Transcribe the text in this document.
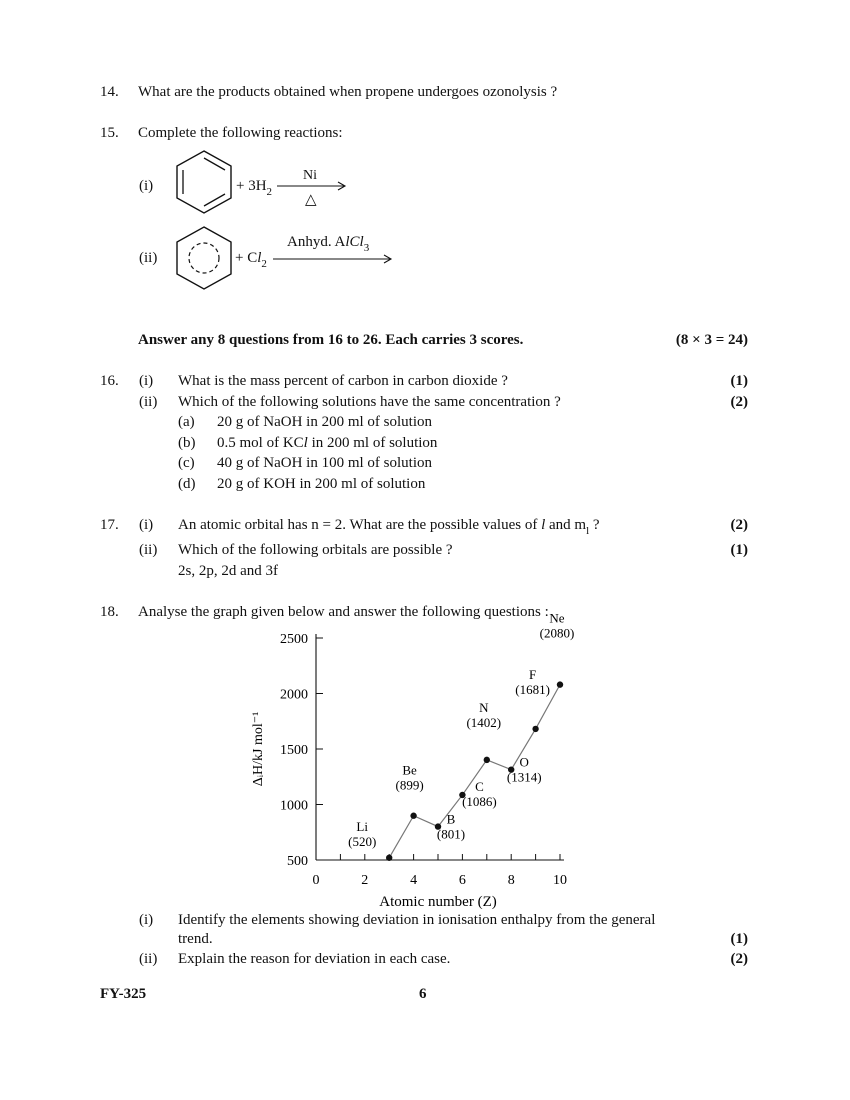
14. What are the products obtained when propene undergoes ozonolysis ?
15. Complete the following reactions:
(i)	+ $3H_2$
Ni
△
(ii)	+ $Cl_2$
Anhyd. AlCl$_3$
Answer any 8 questions from 16 to 26. Each carries 3 scores.	(8 × 3 = 24)
16. (i) What is the mass percent of carbon in carbon dioxide ?	(1)
(ii) Which of the following solutions have the same concentration ?	(2)
(a) 20 g of NaOH in 200 ml of solution
(b) 0.5 mol of KCl in 200 ml of solution
(c) 40 g of NaOH in 100 ml of solution
(d) 20 g of KOH in 200 ml of solution
17. (i) An atomic orbital has n = 2. What are the possible values of l and $m_l$ ?	(2)
(ii) Which of the following orbitals are possible ?	(1)
2s, 2p, 2d and 3f
18. Analyse the graph given below and answer the following questions :
500
1000
1500
2000
2500
0	2	4	6	8	10
Li
(520)
Be
(899)
B
(801)
C
(1086)
N
(1402)
O
(1314)
F
(1681)
Ne
(2080)
Atomic number (Z)
ΔᵢH/kJ mol⁻¹
(i) Identify the elements showing deviation in ionisation enthalpy from the general
trend.	(1)
(ii) Explain the reason for deviation in each case.	(2)
FY-325	6
